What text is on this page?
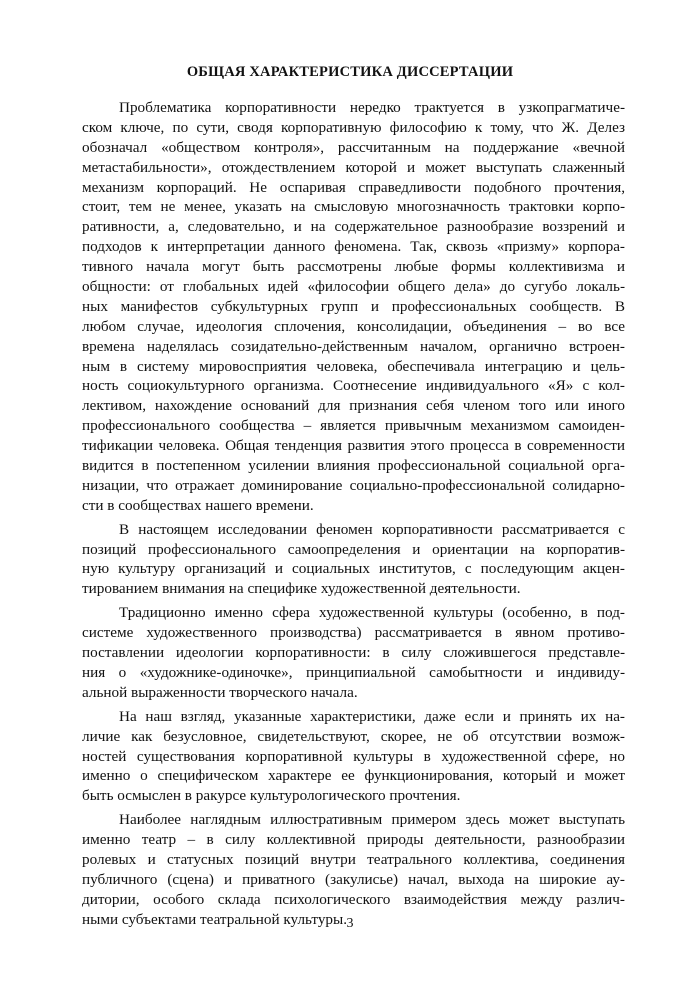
ОБЩАЯ ХАРАКТЕРИСТИКА ДИССЕРТАЦИИ
Проблематика корпоративности нередко трактуется в узкопрагматиче-
ском ключе, по сути, сводя корпоративную философию к тому, что Ж. Делез
обозначал «обществом контроля», рассчитанным на поддержание «вечной
метастабильности», отождествлением которой и может выступать слаженный
механизм корпораций. Не оспаривая справедливости подобного прочтения,
стоит, тем не менее, указать на смысловую многозначность трактовки корпо-
ративности, а, следовательно, и на содержательное разнообразие воззрений и
подходов к интерпретации данного феномена. Так, сквозь «призму» корпора-
тивного начала могут быть рассмотрены любые формы коллективизма и
общности: от глобальных идей «философии общего дела» до сугубо локаль-
ных манифестов субкультурных групп и профессиональных сообществ. В
любом случае, идеология сплочения, консолидации, объединения – во все
времена наделялась созидательно-действенным началом, органично встроен-
ным в систему мировосприятия человека, обеспечивала интеграцию и цель-
ность социокультурного организма. Соотнесение индивидуального «Я» с кол-
лективом, нахождение оснований для признания себя членом того или иного
профессионального сообщества – является привычным механизмом самоиден-
тификации человека. Общая тенденция развития этого процесса в современности
видится в постепенном усилении влияния профессиональной социальной орга-
низации, что отражает доминирование социально-профессиональной солидарно-
сти в сообществах нашего времени.
В настоящем исследовании феномен корпоративности рассматривается с
позиций профессионального самоопределения и ориентации на корпоратив-
ную культуру организаций и социальных институтов, с последующим акцен-
тированием внимания на специфике художественной деятельности.
Традиционно именно сфера художественной культуры (особенно, в под-
системе художественного производства) рассматривается в явном противо-
поставлении идеологии корпоративности: в силу сложившегося представле-
ния о «художнике-одиночке», принципиальной самобытности и индивиду-
альной выраженности творческого начала.
На наш взгляд, указанные характеристики, даже если и принять их на-
личие как безусловное, свидетельствуют, скорее, не об отсутствии возмож-
ностей существования корпоративной культуры в художественной сфере, но
именно о специфическом характере ее функционирования, который и может
быть осмыслен в ракурсе культурологического прочтения.
Наиболее наглядным иллюстративным примером здесь может выступать
именно театр – в силу коллективной природы деятельности, разнообразии
ролевых и статусных позиций внутри театрального коллектива, соединения
публичного (сцена) и приватного (закулисье) начал, выхода на широкие ау-
дитории, особого склада психологического взаимодействия между различ-
ными субъектами театральной культуры. 3
